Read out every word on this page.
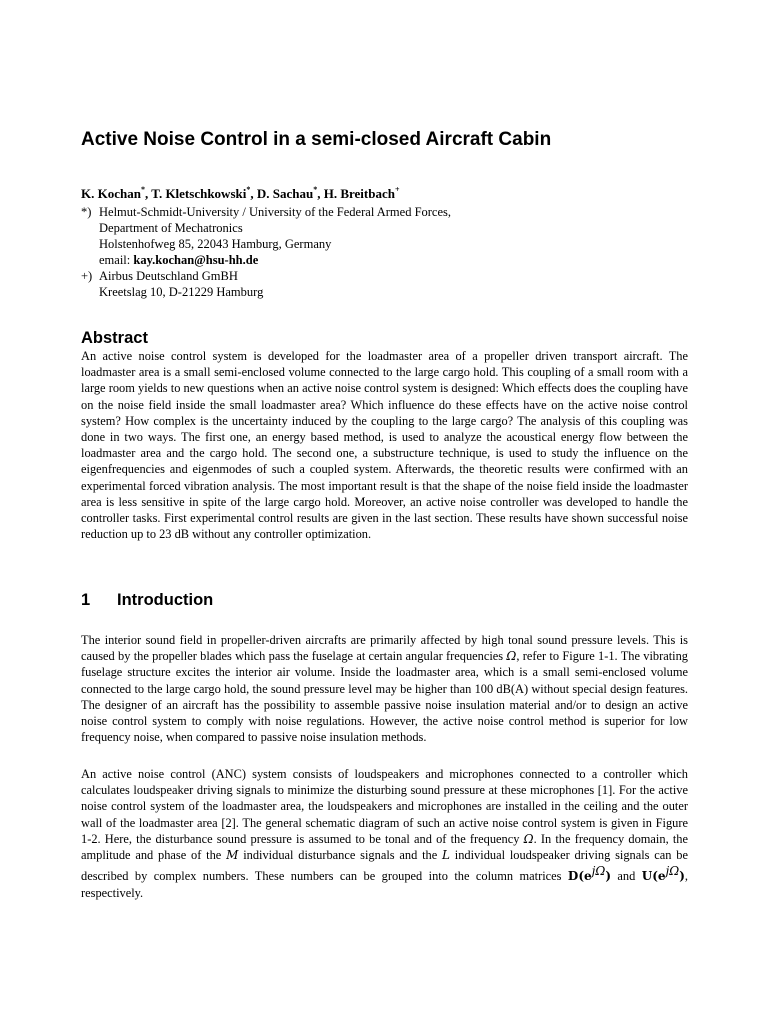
Active Noise Control in a semi-closed Aircraft Cabin
K. Kochan*, T. Kletschkowski*, D. Sachau*, H. Breitbach+
*) Helmut-Schmidt-University / University of the Federal Armed Forces,
Department of Mechatronics
Holstenhofweg 85, 22043 Hamburg, Germany
email: kay.kochan@hsu-hh.de
+) Airbus Deutschland GmBH
Kreetslag 10, D-21229 Hamburg
Abstract

An active noise control system is developed for the loadmaster area of a propeller driven transport aircraft. The loadmaster area is a small semi-enclosed volume connected to the large cargo hold. This coupling of a small room with a large room yields to new questions when an active noise control system is designed: Which effects does the coupling have on the noise field inside the small loadmaster area? Which influence do these effects have on the active noise control system? How complex is the uncertainty induced by the coupling to the large cargo? The analysis of this coupling was done in two ways. The first one, an energy based method, is used to analyze the acoustical energy flow between the loadmaster area and the cargo hold. The second one, a substructure technique, is used to study the influence on the eigenfrequencies and eigenmodes of such a coupled system. Afterwards, the theoretic results were confirmed with an experimental forced vibration analysis. The most important result is that the shape of the noise field inside the loadmaster area is less sensitive in spite of the large cargo hold. Moreover, an active noise controller was developed to handle the controller tasks. First experimental control results are given in the last section. These results have shown successful noise reduction up to 23 dB without any controller optimization.

1	Introduction

The interior sound field in propeller-driven aircrafts are primarily affected by high tonal sound pressure levels. This is caused by the propeller blades which pass the fuselage at certain angular frequencies Ω, refer to Figure 1-1. The vibrating fuselage structure excites the interior air volume. Inside the loadmaster area, which is a small semi-enclosed volume connected to the large cargo hold, the sound pressure level may be higher than 100 dB(A) without special design features. The designer of an aircraft has the possibility to assemble passive noise insulation material and/or to design an active noise control system to comply with noise regulations. However, the active noise control method is superior for low frequency noise, when compared to passive noise insulation methods.

An active noise control (ANC) system consists of loudspeakers and microphones connected to a controller which calculates loudspeaker driving signals to minimize the disturbing sound pressure at these microphones [1]. For the active noise control system of the loadmaster area, the loudspeakers and microphones are installed in the ceiling and the outer wall of the loadmaster area [2]. The general schematic diagram of such an active noise control system is given in Figure 1-2. Here, the disturbance sound pressure is assumed to be tonal and of the frequency Ω. In the frequency domain, the amplitude and phase of the M individual disturbance signals and the L individual loudspeaker driving signals can be described by complex numbers. These numbers can be grouped into the column matrices $D(e^{j\Omega})$ and $U(e^{j\Omega})$, respectively.
